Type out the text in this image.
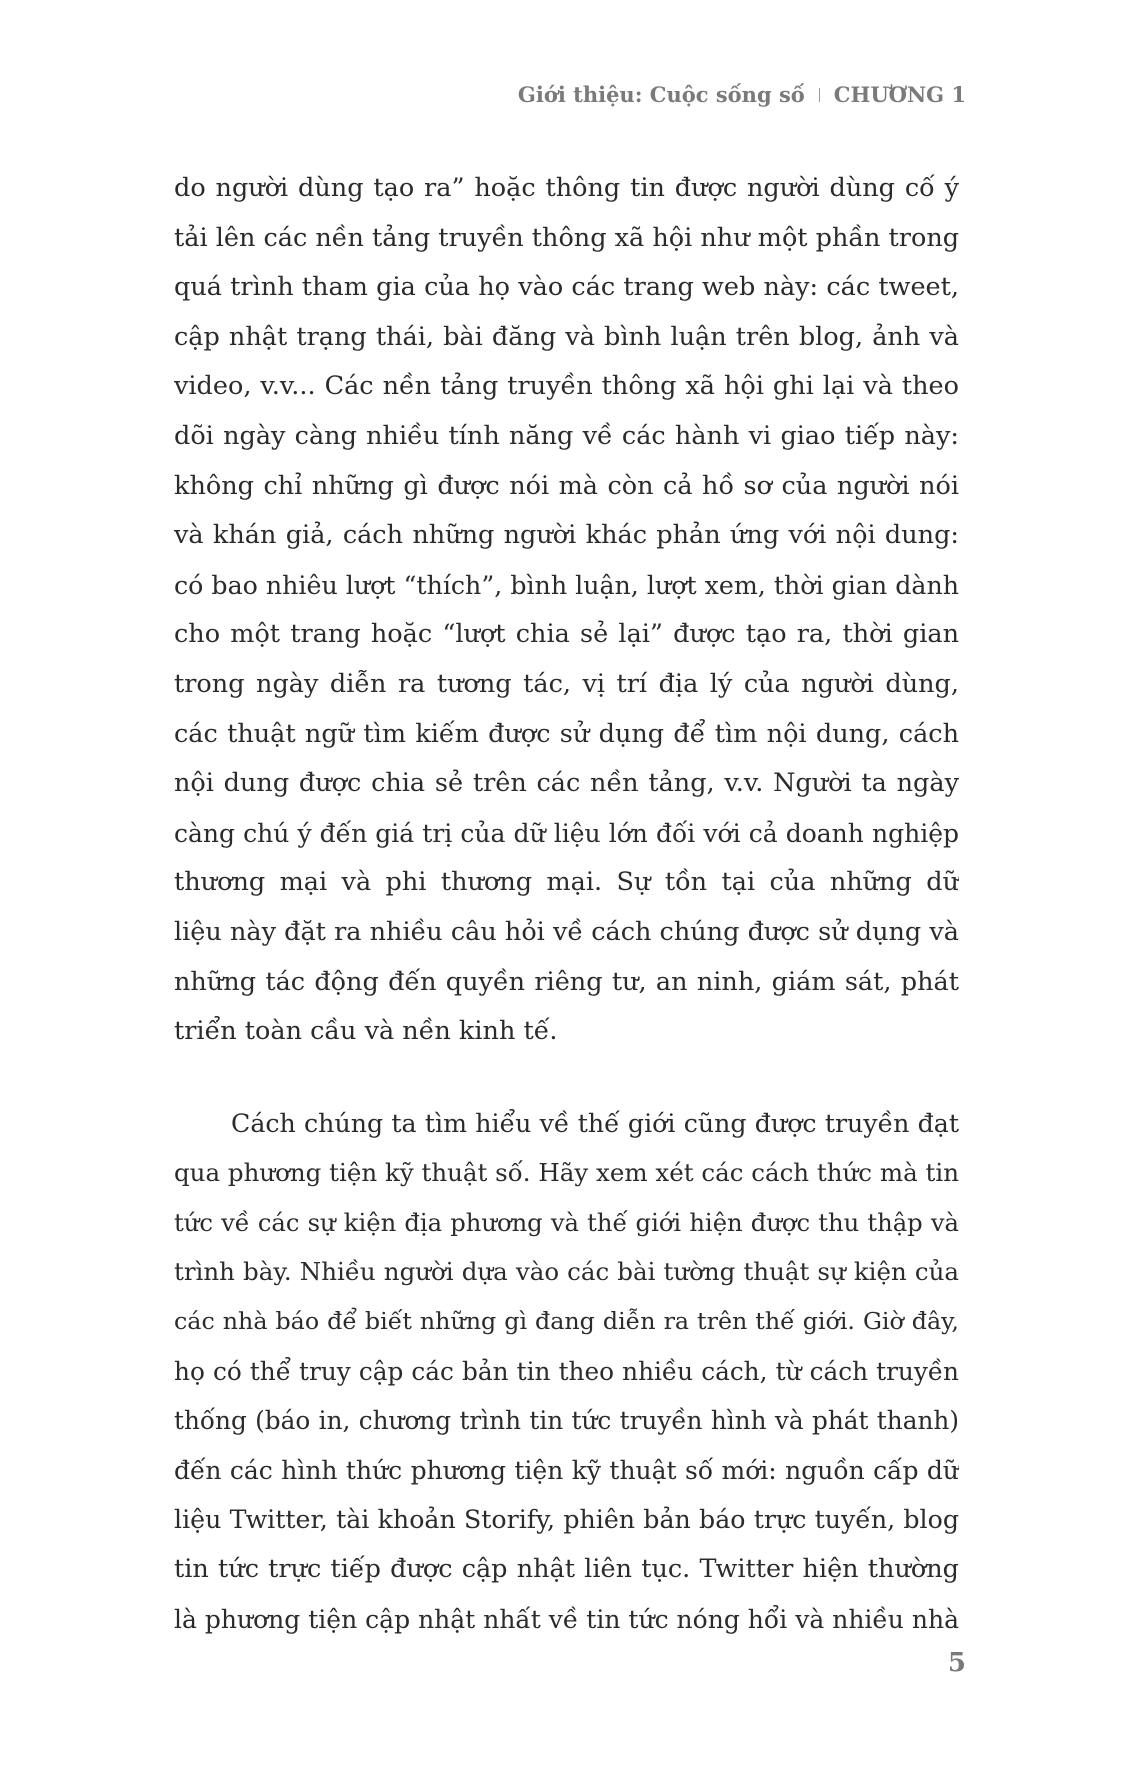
Giới thiệu: Cuộc sống số CHƯƠNG 1
do người dùng tạo ra” hoặc thông tin được người dùng cố ý
tải lên các nền tảng truyền thông xã hội như một phần trong
quá trình tham gia của họ vào các trang web này: các tweet,
cập nhật trạng thái, bài đăng và bình luận trên blog, ảnh và
video, v.v... Các nền tảng truyền thông xã hội ghi lại và theo
dõi ngày càng nhiều tính năng về các hành vi giao tiếp này:
không chỉ những gì được nói mà còn cả hồ sơ của người nói
và khán giả, cách những người khác phản ứng với nội dung:
có bao nhiêu lượt “thích”, bình luận, lượt xem, thời gian dành
cho một trang hoặc “lượt chia sẻ lại” được tạo ra, thời gian
trong ngày diễn ra tương tác, vị trí địa lý của người dùng,
các thuật ngữ tìm kiếm được sử dụng để tìm nội dung, cách
nội dung được chia sẻ trên các nền tảng, v.v. Người ta ngày
càng chú ý đến giá trị của dữ liệu lớn đối với cả doanh nghiệp
thương mại và phi thương mại. Sự tồn tại của những dữ
liệu này đặt ra nhiều câu hỏi về cách chúng được sử dụng và
những tác động đến quyền riêng tư, an ninh, giám sát, phát
triển toàn cầu và nền kinh tế.
Cách chúng ta tìm hiểu về thế giới cũng được truyền đạt
qua phương tiện kỹ thuật số. Hãy xem xét các cách thức mà tin
tức về các sự kiện địa phương và thế giới hiện được thu thập và
trình bày. Nhiều người dựa vào các bài tường thuật sự kiện của
các nhà báo để biết những gì đang diễn ra trên thế giới. Giờ đây,
họ có thể truy cập các bản tin theo nhiều cách, từ cách truyền
thống (báo in, chương trình tin tức truyền hình và phát thanh)
đến các hình thức phương tiện kỹ thuật số mới: nguồn cấp dữ
liệu Twitter, tài khoản Storify, phiên bản báo trực tuyến, blog
tin tức trực tiếp được cập nhật liên tục. Twitter hiện thường
là phương tiện cập nhật nhất về tin tức nóng hổi và nhiều nhà
5
